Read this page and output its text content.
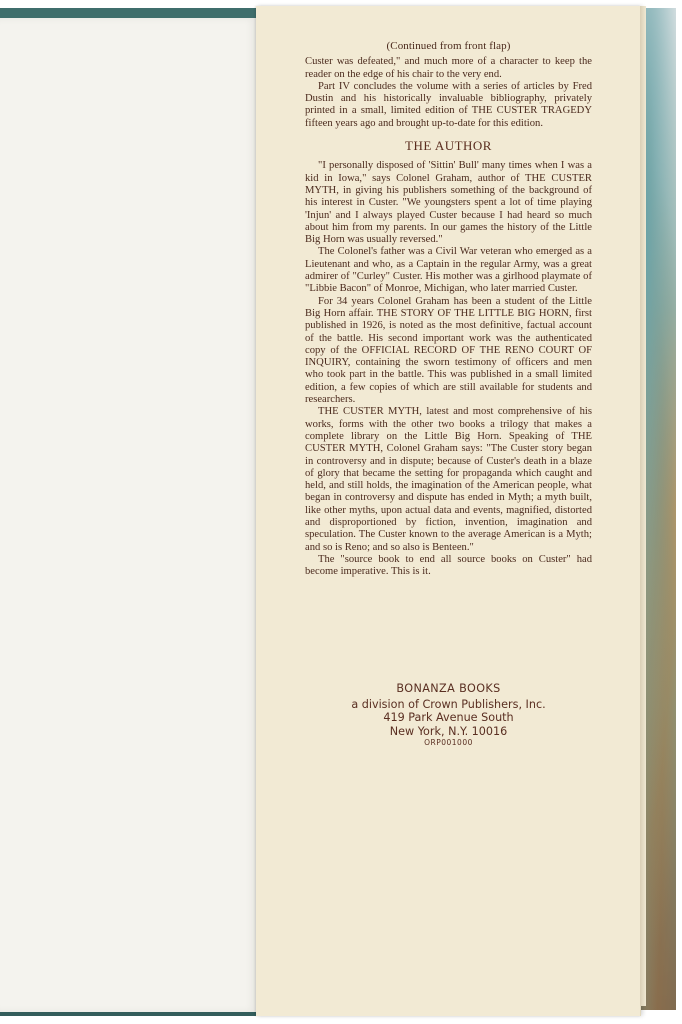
(Continued from front flap)

Custer was defeated," and much more of a character to keep the reader on the edge of his chair to the very end.

Part IV concludes the volume with a series of articles by Fred Dustin and his historically invaluable bibliography, privately printed in a small, limited edition of THE CUSTER TRAGEDY fifteen years ago and brought up-to-date for this edition.

THE AUTHOR

"I personally disposed of 'Sittin' Bull' many times when I was a kid in Iowa," says Colonel Graham, author of THE CUSTER MYTH, in giving his publishers something of the background of his interest in Custer. "We youngsters spent a lot of time playing 'Injun' and I always played Custer because I had heard so much about him from my parents. In our games the history of the Little Big Horn was usually reversed."

The Colonel's father was a Civil War veteran who emerged as a Lieutenant and who, as a Captain in the regular Army, was a great admirer of "Curley" Custer. His mother was a girlhood playmate of "Libbie Bacon" of Monroe, Michigan, who later married Custer.

For 34 years Colonel Graham has been a student of the Little Big Horn affair. THE STORY OF THE LITTLE BIG HORN, first published in 1926, is noted as the most definitive, factual account of the battle. His second important work was the authenticated copy of the OFFICIAL RECORD OF THE RENO COURT OF INQUIRY, containing the sworn testimony of officers and men who took part in the battle. This was published in a small limited edition, a few copies of which are still available for students and researchers.

THE CUSTER MYTH, latest and most comprehensive of his works, forms with the other two books a trilogy that makes a complete library on the Little Big Horn. Speaking of THE CUSTER MYTH, Colonel Graham says: "The Custer story began in controversy and in dispute; because of Custer's death in a blaze of glory that became the setting for propaganda which caught and held, and still holds, the imagination of the American people, what began in controversy and dispute has ended in Myth; a myth built, like other myths, upon actual data and events, magnified, distorted and disproportioned by fiction, invention, imagination and speculation. The Custer known to the average American is a Myth; and so is Reno; and so also is Benteen."

The "source book to end all source books on Custer" had become imperative. This is it.

BONANZA BOOKS
a division of Crown Publishers, Inc.
419 Park Avenue South
New York, N.Y. 10016
ORP001000
